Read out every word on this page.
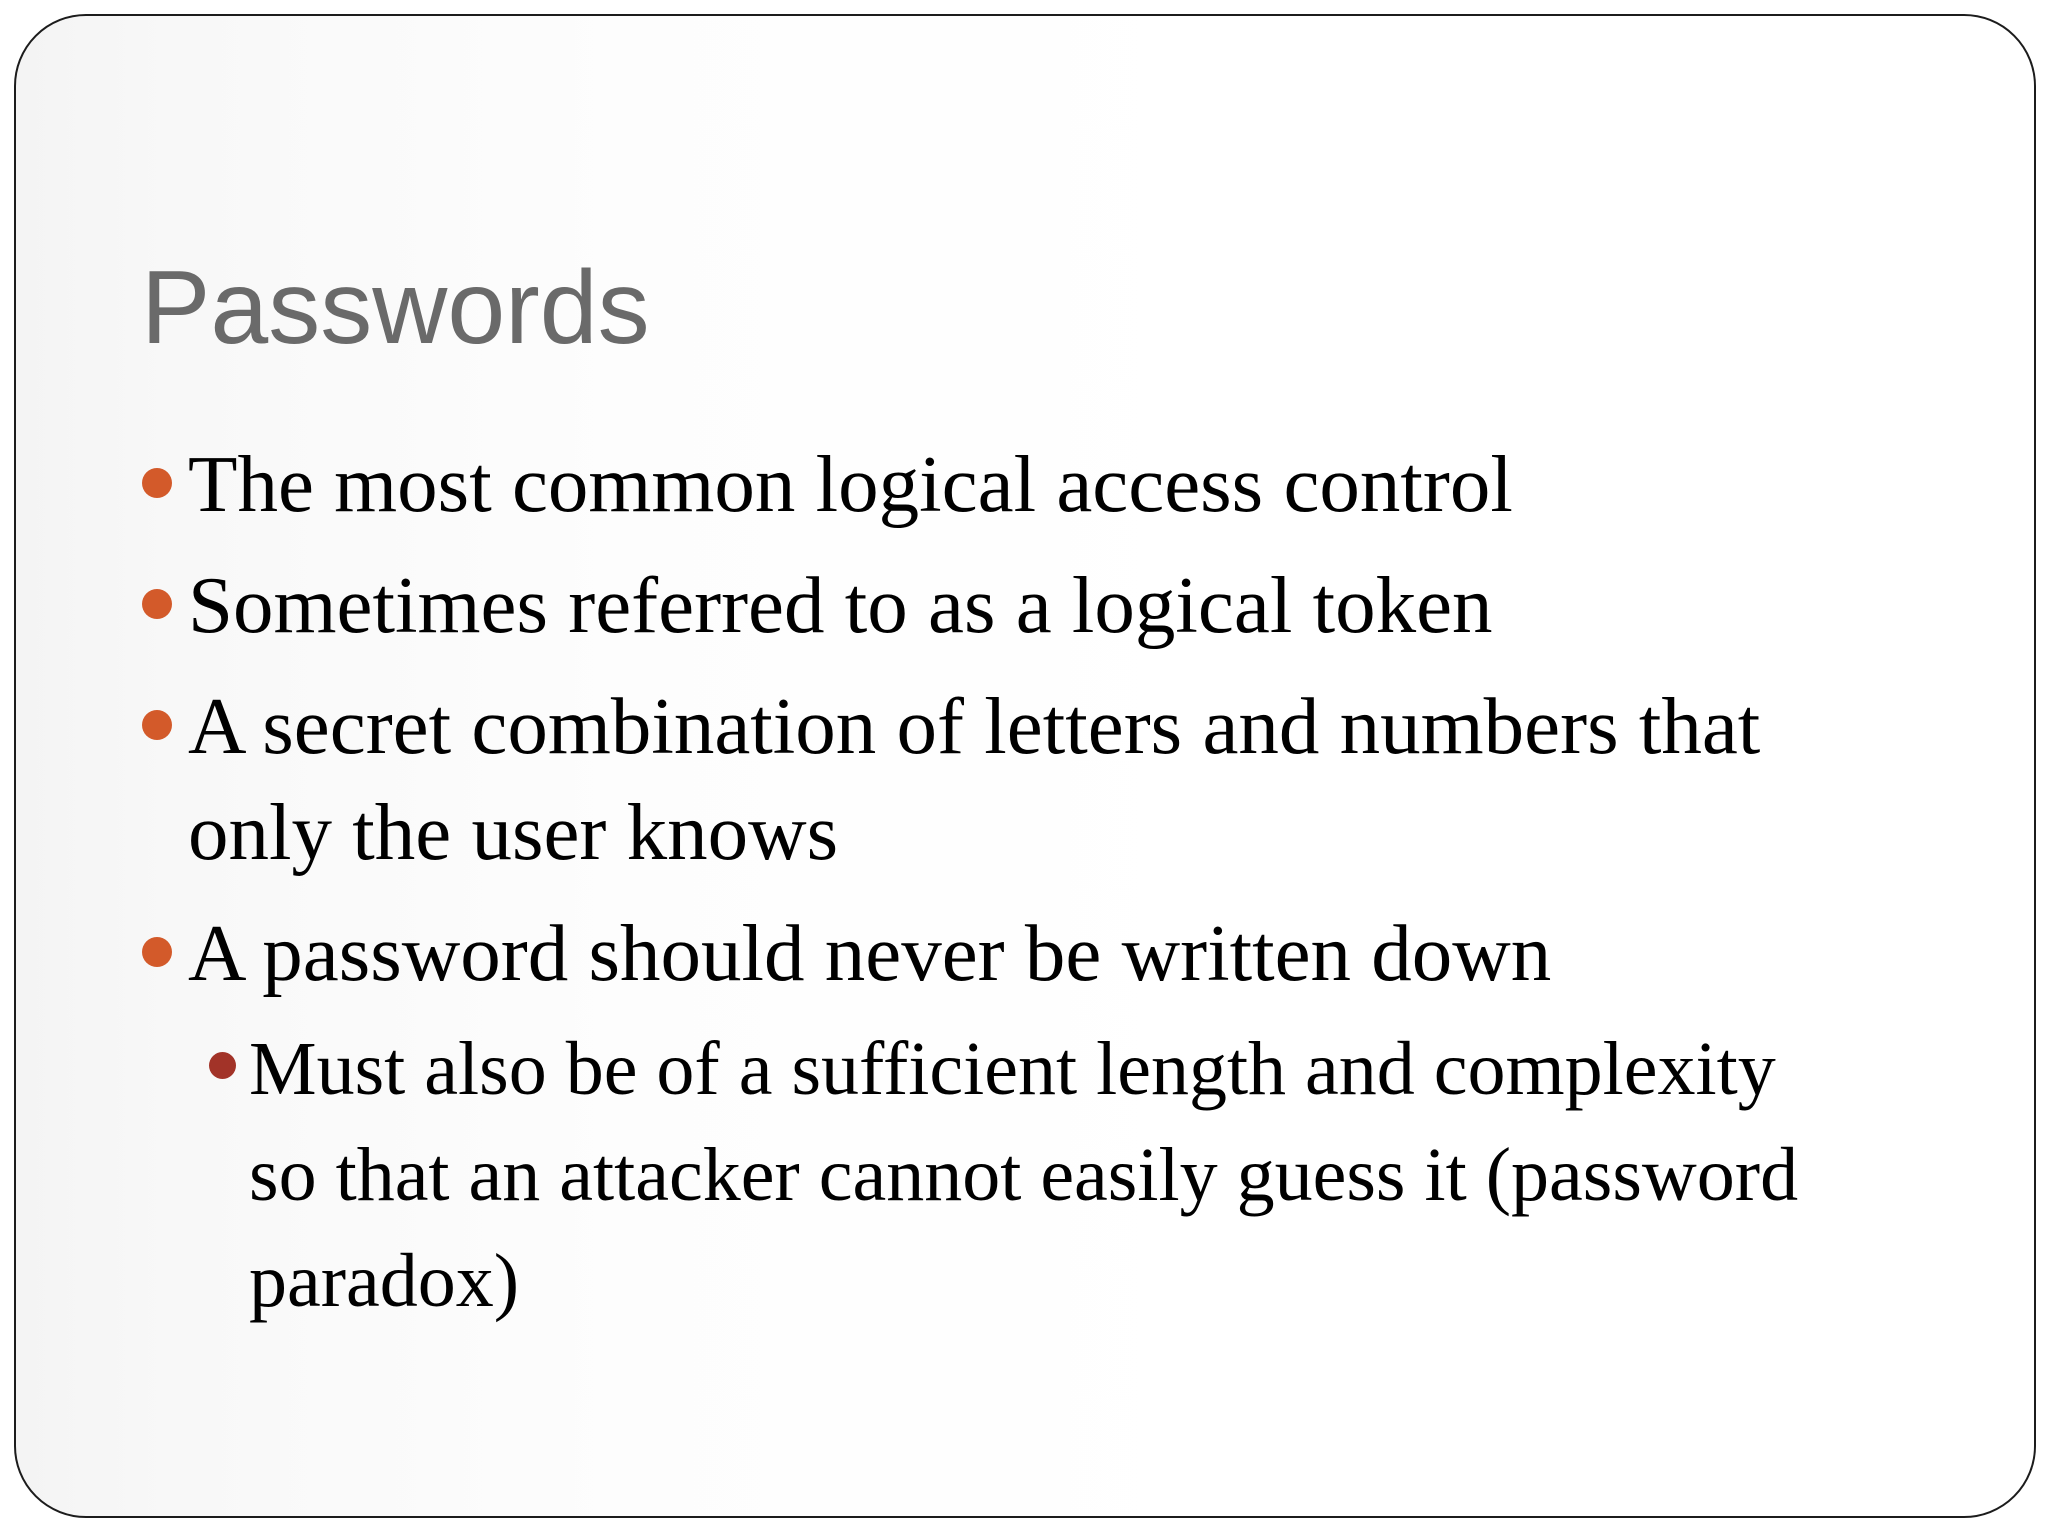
Passwords
The most common logical access control
Sometimes referred to as a logical token
A secret combination of letters and numbers that
only the user knows
A password should never be written down
Must also be of a sufficient length and complexity
so that an attacker cannot easily guess it (password
paradox)
